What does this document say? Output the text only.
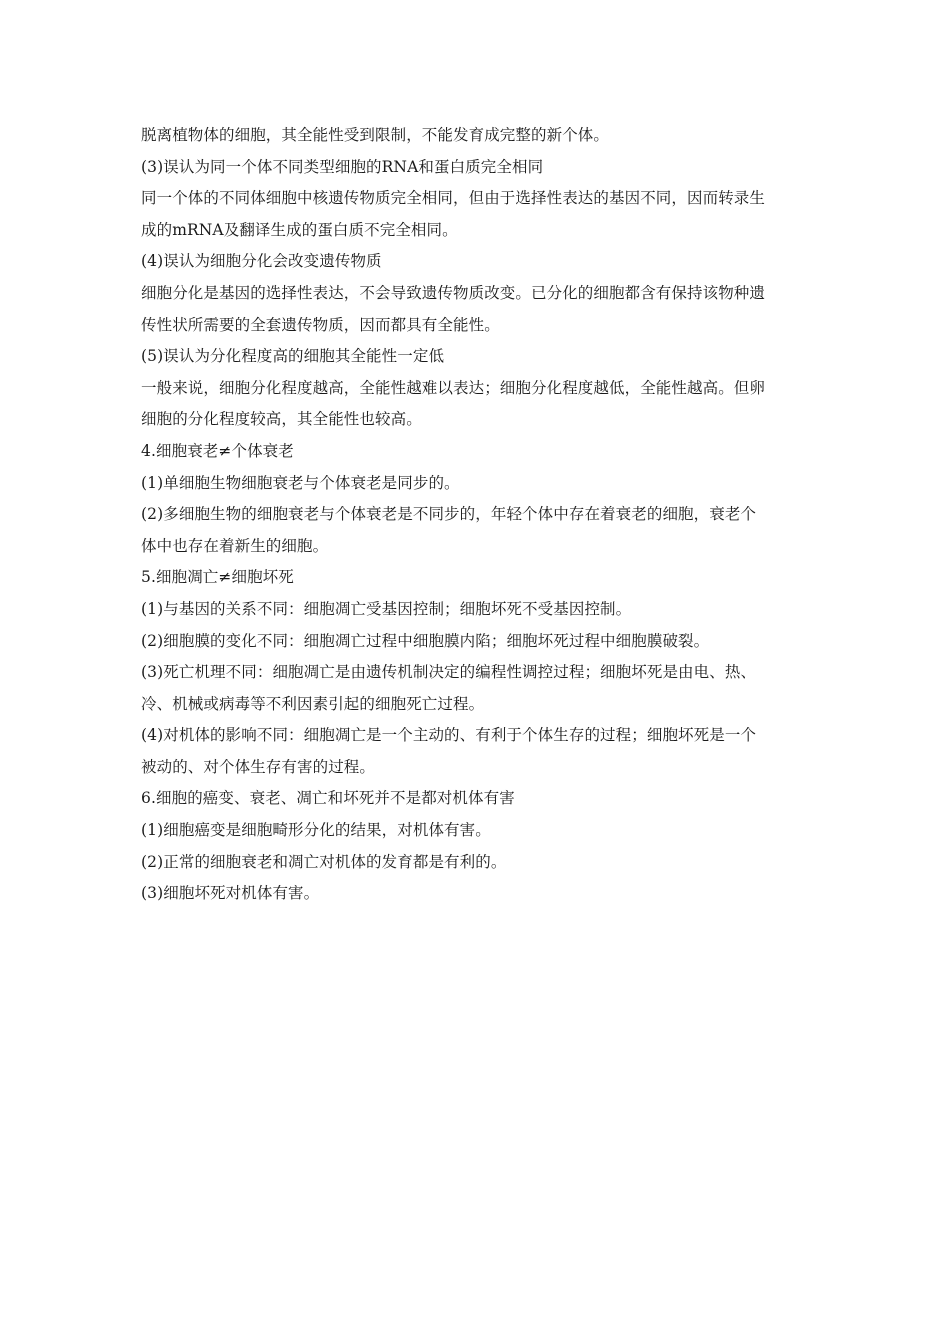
脱离植物体的细胞，其全能性受到限制，不能发育成完整的新个体。
(3)误认为同一个体不同类型细胞的RNA和蛋白质完全相同
同一个体的不同体细胞中核遗传物质完全相同，但由于选择性表达的基因不同，因而转录生
成的mRNA及翻译生成的蛋白质不完全相同。
(4)误认为细胞分化会改变遗传物质
细胞分化是基因的选择性表达，不会导致遗传物质改变。已分化的细胞都含有保持该物种遗
传性状所需要的全套遗传物质，因而都具有全能性。
(5)误认为分化程度高的细胞其全能性一定低
一般来说，细胞分化程度越高，全能性越难以表达；细胞分化程度越低，全能性越高。但卵
细胞的分化程度较高，其全能性也较高。
4.细胞衰老≠个体衰老
(1)单细胞生物细胞衰老与个体衰老是同步的。
(2)多细胞生物的细胞衰老与个体衰老是不同步的，年轻个体中存在着衰老的细胞，衰老个
体中也存在着新生的细胞。
5.细胞凋亡≠细胞坏死
(1)与基因的关系不同：细胞凋亡受基因控制；细胞坏死不受基因控制。
(2)细胞膜的变化不同：细胞凋亡过程中细胞膜内陷；细胞坏死过程中细胞膜破裂。
(3)死亡机理不同：细胞凋亡是由遗传机制决定的编程性调控过程；细胞坏死是由电、热、
冷、机械或病毒等不利因素引起的细胞死亡过程。
(4)对机体的影响不同：细胞凋亡是一个主动的、有利于个体生存的过程；细胞坏死是一个
被动的、对个体生存有害的过程。
6.细胞的癌变、衰老、凋亡和坏死并不是都对机体有害
(1)细胞癌变是细胞畸形分化的结果，对机体有害。
(2)正常的细胞衰老和凋亡对机体的发育都是有利的。
(3)细胞坏死对机体有害。
